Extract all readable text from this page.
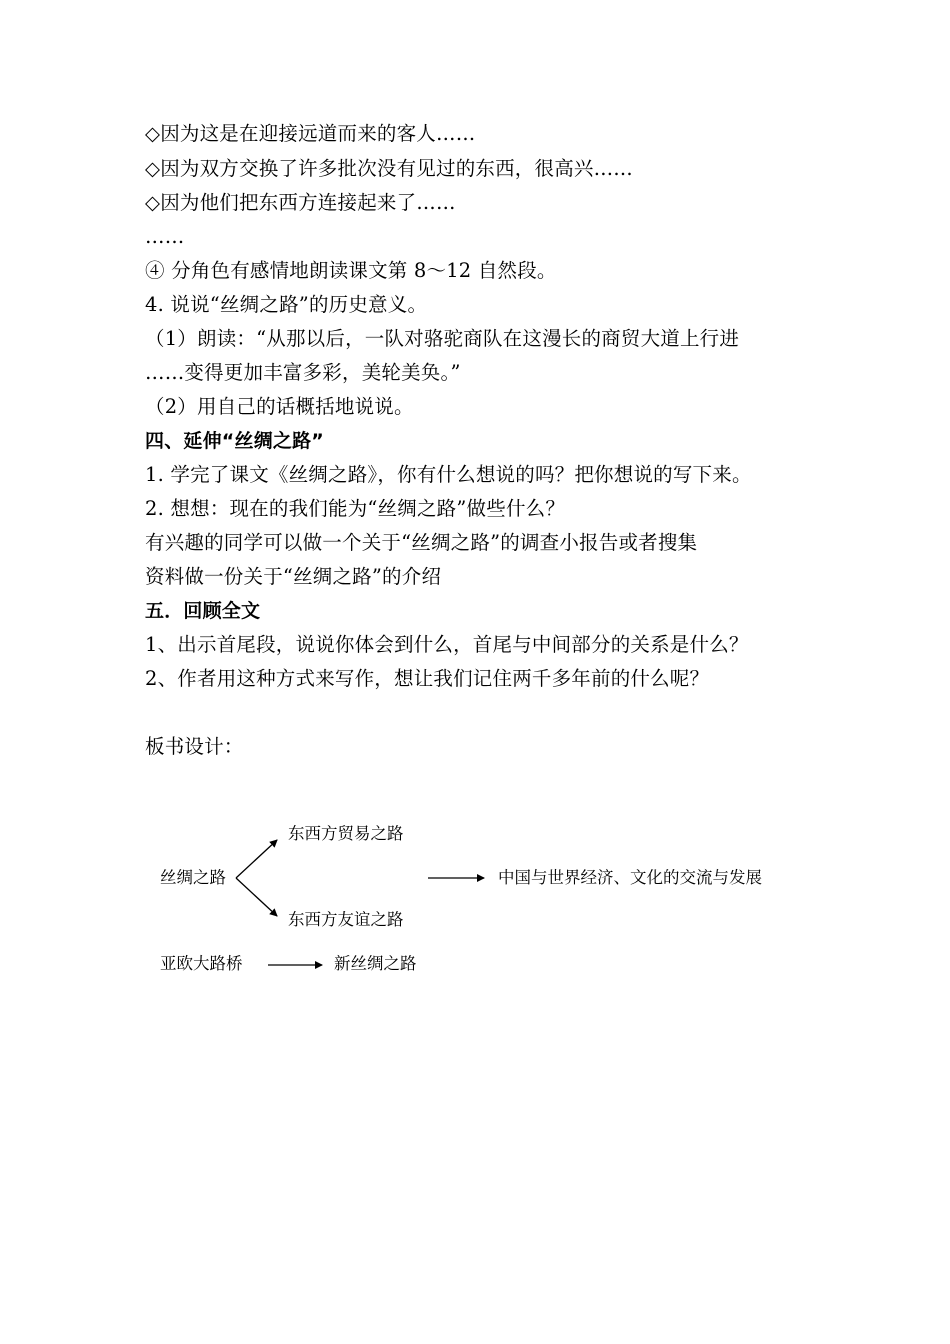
◇因为这是在迎接远道而来的客人……
◇因为双方交换了许多批次没有见过的东西，很高兴……
◇因为他们把东西方连接起来了……
……
④ 分角色有感情地朗读课文第 8～12 自然段。
4. 说说“丝绸之路”的历史意义。
（1）朗读：“从那以后，一队对骆驼商队在这漫长的商贸大道上行进
……变得更加丰富多彩，美轮美奂。”
（2）用自己的话概括地说说。
四、延伸“丝绸之路”
1. 学完了课文《丝绸之路》，你有什么想说的吗？把你想说的写下来。
2. 想想：现在的我们能为“丝绸之路”做些什么？
有兴趣的同学可以做一个关于“丝绸之路”的调查小报告或者搜集
资料做一份关于“丝绸之路”的介绍
五．回顾全文
1、出示首尾段，说说你体会到什么，首尾与中间部分的关系是什么？
2、作者用这种方式来写作，想让我们记住两千多年前的什么呢？
板书设计：
丝绸之路
东西方贸易之路
东西方友谊之路
中国与世界经济、文化的交流与发展
亚欧大路桥	新丝绸之路
